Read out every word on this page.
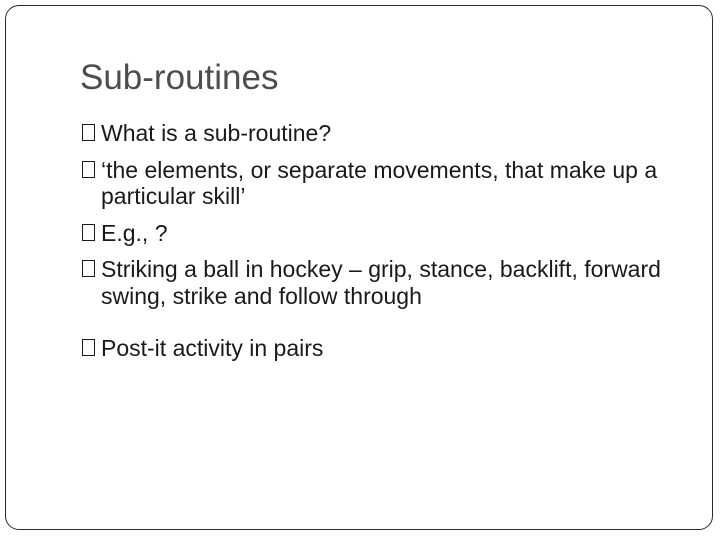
Sub-routines
What is a sub-routine?
‘the elements, or separate movements, that make up a particular skill’
E.g., ?
Striking a ball in hockey – grip, stance, backlift, forward swing, strike and follow through
Post-it activity in pairs
